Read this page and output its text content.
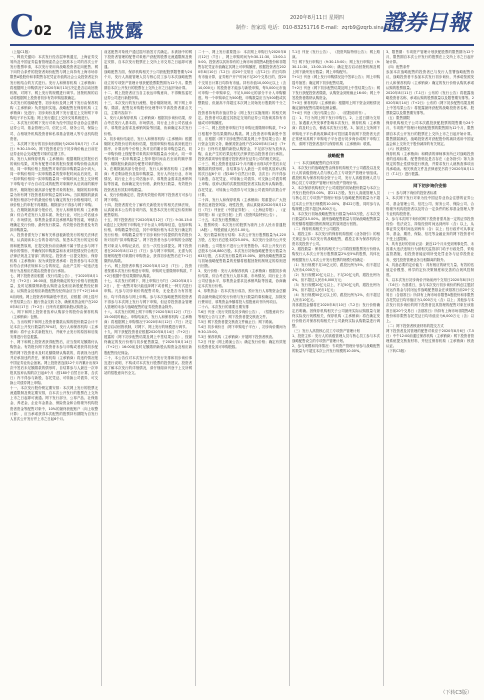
C 02 信息披露
2020年8月11日 星期四
制作：詹家瑶 电话：010-83251716 E-mail：zqrb9@zqrb.sina.net
證券日報
（上接C1版）
一、释放关键词：本次发行经各层审核通过，上海证券交易所及中国证券监督管理委员会已批准本公司的首次公开发行股票申请，本次发行采用向战略投资者定向配售、网下向符合条件的投资者询价配售与网上向持有上海市场非限售A股股份和非限售存托凭证市值的社会公众投资者定价发行相结合的方式进行。发行人和保荐机构（主承销商）将根据网上申购情况于2020年8月13日决定是否启动回拨机制，对网下、网上发行的规模进行调节。回拨机制的启动将根据网上投资者初步有效申购倍数确定。
本次发行的战略配售、初步询价及网上网下发行由保荐机构（主承销商）负责组织实施。战略配售在保荐机构（主承销商）处进行；初步询价及网下发行通过上交所网下申购电子平台实施；网上发行通过上交所交易系统进行。
二、本次发行的网下发行对象为经中国证券业协会注册的证券公司、基金管理公司、信托公司、财务公司、保险公司、合格境外机构投资者和私募基金管理人等专业机构投资者。
三、本次网下发行的初步询价期间为2020年8月7日（T-4日）9:30-15:00。网下投资者应当于初步询价截止日前在证券业协会完成配售对象的注册工作。
四、发行人和保荐机构（主承销商）根据剔除无效报价后的询价结果，对所有配售对象的报价按照申购价格由高到低、同一申购价格上按配售对象的拟申购数量由小到大、同一申购价格同一拟申购数量的按申报时间由后到先、同一拟申购价格同一拟申购数量同一申购时间上按上交所网下申购电子平台自动生成的配售对象顺序从后到前的顺序排序，剔除报价最高部分配售对象的报价，剔除的拟申购量为所有网下投资者拟申购总量的10%。当拟剔除的最高申报价格部分中的最低价格与确定的发行价格相同时，对该价格上的申报不再剔除。剔除部分不得参与网下申购。
五、在剔除最高部分报价后，发行人和保荐机构（主承销商）综合考虑发行人基本面、所处行业、可比公司估值水平、市场情况、募集资金需求及承销风险等因素，审慎合理确定发行价格、最终发行数量、有效报价投资者及有效拟申购数量。
六、投资者需充分了解有关科创板新股发行的相关法律法规，认真阅读本公告的各项内容，知悉本次发行的定价原则和配售原则，在提交报价前应确保不属于禁止参与网下询价的情形，并确保其申购数量和未来持股情况符合相关法律法规及主管部门的规定。投资者一旦提交报价，保荐机构（主承销商）视为该投资者承诺：投资者参与本次报价符合法律法规和本公告的规定，由此产生的一切违法违规行为及相应后果由投资者自行承担。
七、网下投资者应根据《发行结果公告》，于2020年8月17日（T+2日）16:00前，按最终确定的发行价格与获配数量，及时足额缴纳新股认购资金及相应新股配售经纪佣金，认购资金及相应新股配售经纪佣金应当于T+2日16:00前到账。网上投资者申购新股中签后，应根据《网上摇号中签结果公告》履行资金交收义务，确保其资金账户在2020年8月17日（T+2日）日终有足额的新股认购资金。
八、网下和网上投资者放弃认购部分的股份由保荐机构（主承销商）包销。
九、当出现网下和网上投资者缴款认购的股份数量合计不足本次公开发行数量的70%时，发行人和保荐机构（主承销商）将中止本次新股发行，并就中止发行的原因和后续安排进行信息披露。
十、网下和网上投资者获得配售后，应当按时足额缴付认购资金。有效报价网下投资者未参与申购或者获得初步配售的网下投资者未及时足额缴纳认购款的，将被视为违约并应承担违约责任，保荐机构（主承销商）将违约情况报中国证券业协会备案。网上投资者连续12个月内累计出现3次中签后未足额缴款的情形时，自结算参与人最近一次申报其放弃认购的次日起6个月（按180个自然日计算，含次日）内不得参与新股、存托凭证、可转换公司债券、可交换公司债券网上申购。
十一、本次发行股份锁定期安排：本次网上发行的股票无流通限制及锁定期安排，自本次公开发行的股票在上交所上市之日起即可流通。网下发行部分，公募产品、社保基金、养老金、企业年金基金、保险资金和合格境外机构投资者资金等配售对象中，10%的最终获配账户（向上取整计算），应当承诺获得本次配售的股票持有期限为自发行人首次公开发行并上市之日起6个月。
前述配售对象账户通过摇号抽签方式确定。未被抽中的网下投资者管理的配售对象账户获配的股票无流通限制及锁定安排，自本次发行股票在上交所上市交易之日起即可流通。
战略配售方面，保荐机构相关子公司获配股票限售期为24个月，发行人高级管理人员与核心员工参与本次战略配售设立的专项资产管理计划获配股票限售期为12个月。限售期自本次公开发行的股票在上交所上市之日起开始计算。
十二、网上投资者应当自主表达申购意向，不得概括委托证券公司进行新股申购。
十三、本次发行的发行流程、报价剔除规则、网下网上申购、缴款、配售及弃购股份处理等环节请投资者重点关注，主要内容如下：
1、发行人和保荐机构（主承销商）根据初步询价结果，综合考虑发行人基本面、市场情况、同行业上市公司估值水平、募集资金需求及承销风险等因素，协商确定本次发行价格。
2、初步询价结束后，发行人和保荐机构（主承销商）根据剔除无效报价后的询价结果，按照申购价格由高到低进行排序、计算出每个价格上所对应的累计拟申购总量后，同一申购价格上按配售对象的拟申购数量由小到大、同一申购价格同一拟申购数量上按申报时间由后至前的顺序排序，剔除报价最高部分配售对象的报价。
3、在剔除最高部分报价后，发行人和保荐机构（主承销商）考虑剩余报价及拟申购数量、发行人所处行业、市场情况、同行业上市公司估值水平、募集资金需求及承销风险等因素，协商确定发行价格、最终发行数量、有效报价投资者及有效拟申购数量。
4、发行价格确定后，提供有效报价的网下投资者方可参与网下申购。
十四、投资者需充分了解有关新股发行的相关法律法规，认真阅读本公告的各项内容，知悉本次发行的定价原则和配售原则。
十五、网下投资者应于2020年8月12日（T日）9:30-15:00通过上交所网下申购电子平台录入申购单信息，包括申购价格、申购数量等信息，其中申购价格为本次发行确定的发行价格；申购数量应等于初步询价中其提供的有效报价所对应的“拟申购数量”。网下投资者为参与申购的全部配售对象录入申购记录后，应当一次性全部提交。网下投资者在2020年8月12日（T日）参与网下申购时，无需为其管理的配售对象缴付申购资金，获得初步配售后在T+2日缴纳认购款。
十六、网上投资者申购日2020年8月12日（T日），投资者按照本次发行价格进行申购，申购时无需缴纳申购款，T+2日根据中签结果缴纳认购款。
十七、本次发行的网下、网上申购日为T日（2020年8月12日），任一配售对象只能选择网下或者网上一种方式进行申购。凡参与初步询价的配售对象，无论是否为有效报价，均不得再参与网上申购。参与本次战略配售的投资者不得参与本次网上发行与网下申购，但证券投资基金管理人管理的未参与战略配售的证券投资基金除外。
十八、本次发行的网上网下申购于2020年8月12日（T日）15:00同时截止。申购结束后，发行人和保荐机构（主承销商）将根据网上申购情况于2020年8月12日（T日）决定是否启动回拨机制，对网下、网上发行的规模进行调节。
十九、网下获配投资者应根据2020年8月14日（T+2日）披露的《网下初步配售结果及网上中签结果公告》，按最终确定的发行价格与初步配售数量，于2020年8月14日（T+2日）16:00前及时足额缴纳新股认购资金及相应新股配售经纪佣金。
二十、本公告仅对本次发行中有关发行安排和初步询价事宜进行说明，不构成对本次发行股票的投资建议。投资者欲了解本次发行的详细情况，请仔细阅读刊登于上交所网站的招股意向书全文。
二十一、网上发行重要提示：本次网上申购日为2020年8月12日（T日），网上申购时间为9:30-11:30，13:00-15:00。投资者以其所持有的上海市场非限售A股股份和非限售存托凭证市值确定其网上可申购额度，根据投资者在2020年8月10日（T-2日）前20个交易日（含T-2日）的日均持有市值计算，证券账户开户时间不足20个交易日的，按20个交易日计算日均持有市值。持有市值10,000元以上（含10,000元）的投资者才能参与新股申购，每5,000元市值可申购一个申购单位，不足5,000元的部分不计入申购额度。每一个申购单位为500股，申购数量应当为500股或其整数倍，但最高不得超过本次网上初始发行股数的千分之一。
投资者持有的市值应符合《网上发行实施细则》的相关规定。投资者可以通过其指定交易的证券公司查询其持有市值或可申购额度。
二十二、网上投资者申购日T日申购无需缴纳申购款，T+2日根据中签结果缴纳认购款。网上投资者申购新股中签后，应根据《网下初步配售结果及网上中签结果公告》履行资金交收义务，确保其资金账户在2020年8月14日（T+2日）日终有足额的新股认购资金，不足部分视为放弃认购，由此产生的后果及相关法律责任由投资者自行承担。投资者款项划付需遵守投资者所在证券公司的相关规定。
二十三、网上投资者连续12个月内累计出现3次中签后未足额缴款的情形时，自结算参与人最近一次申报其放弃认购的次日起6个月（按180个自然日计算，含次日）内不得参与新股、存托凭证、可转换公司债券、可交换公司债券网上申购。放弃认购的次数按照投资者实际放弃认购新股、存托凭证、可转换公司债券与可交换公司债券的次数合并计算。
二十四、发行人和保荐机构（主承销商）郑重提示广大投资者注意投资风险，理性投资，请认真阅读2020年8月12日（T日）刊登在《中国证券报》、《上海证券报》、《证券时报》和《证券日报》上的《投资风险特别公告》。
二十五、本次发行股票概况
1、股票种类：本次发行的股票为境内上市人民币普通股（A股），每股面值人民币1.00元。
2、发行数量和发行结构：本次公开发行股票数量为4,220万股，占发行后总股本的25.00%，本次发行全部为公开发行新股，公司股东不进行公开发售股份。本次公开发行后总股本为16,880万股。本次发行初始战略配售发行数量为633万股，占本次发行数量的15.00%，最终战略配售数量与初始战略配售数量的差额将根据回拨机制规定的原则进行回拨。
3、发行价格：发行人和保荐机构（主承销商）根据初步询价结果，综合考虑发行人基本面、市场情况、同行业上市公司估值水平、募集资金需求及承销风险等因素，协商确定本次发行价格。
4、募集资金：若本次发行成功，预计发行人募集资金总额将由最终确定的发行价格与发行数量的乘积确定，扣除发行费用后，募集资金净额将投入招股意向书所列项目。
二十六、本次发行的重要日期安排
T-6日 刊登《发行安排及初步询价公告》、《招股意向书》等相关公告与文件；网下投资者提交核查文件。
T-5日 网下投资者提交核查文件截止日；网下路演。
T-4日 初步询价日（网下申购电子平台），初步询价期间为9:30-15:00。
T-3日 保荐机构（主承销商）开展网下投资者核查。
T-2日 刊登《网上路演公告》；确定发行价格；确定有效报价投资者及其可申购股数。
T-1日 刊登《发行公告》、《投资风险特别公告》；网上路演。
T日 网下发行申购日（9:30-15:00）；网上发行申购日（9:30-11:30，13:00-15:00）；确定是否启动回拨机制及网上网下最终发行数量；网上申购配号。
T+1日 刊登《网上发行申购情况及中签率公告》；网上申购摇号抽签；确定网下初步配售结果。
T+2日 刊登《网下初步配售结果及网上中签结果公告》；网下发行获配投资者缴款，认购资金到账截止16:00；网上中签投资者缴纳认购资金。
T+3日 保荐机构（主承销商）根据网上网下资金到账情况确定最终配售结果和包销金额。
T+4日 刊登《发行结果公告》、《招股说明书》。
注：1、T日为网上网下发行申购日。2、上述日期为交易日，如遇重大突发事件影响本次发行，保荐机构（主承销商）将及时公告，修改本次发行日程。3、如因上交所网下申购电子平台系统故障或非可控因素导致网下投资者无法正常使用其网下申购电子平台进行初步询价或网下申购工作，请网下投资者及时与保荐机构（主承销商）联系。
战略配售
（一）本次战略配售的总体安排
1、本次发行的战略配售由保荐机构相关子公司跟投以及发行人的高级管理人员与核心员工专项资产管理计划组成。跟投机构为保荐机构全资子公司，发行人高级管理人员与核心员工专项资产管理计划为资产管理计划。
2、本次保荐机构相关子公司跟投的初始股份数量为本次公开发行股份的5.00%，即211万股。发行人高级管理人员与核心员工专项资产管理计划参与战略配售的数量为不超过本次公开发行规模的10.00%，即422万股，同时参与认购规模上限不超过9,800万元。
3、本次发行初始战略配售发行数量为633万股，占本次发行数量的15.00%。最终战略配售数量与初始战略配售数量的差额将根据回拨机制规定的原则进行回拨。
（二）保荐机构相关子公司跟投
1、跟投主体：本次发行的保荐机构按照《业务指引》的相关规定参与本次发行的战略配售，跟投主体为保荐机构全资另类投资子公司。
2、跟投数量：保荐机构相关子公司将按照股票发行价格认购发行人本次公开发行股票数量2%至5%的股票，具体比例根据发行人本次公开发行股票的规模分档确定：
（1）发行规模不足10亿元的，跟投比例为5%，但不超过人民币4,000万元；
（2）发行规模10亿元以上、不足20亿元的，跟投比例为4%，但不超过人民币6,000万元；
（3）发行规模20亿元以上、不足50亿元的，跟投比例为3%，但不超过人民币1亿元；
（4）发行规模50亿元以上的，跟投比例为2%，但不超过人民币10亿元。
具体跟投金额将在2020年8月10日（T-2日）发行价格确定后明确。因保荐机构相关子公司最终实际认购数量与最终实际发行规模相关，保荐机构（主承销商）将在确定发行价格后对保荐机构相关子公司最终实际认购数量进行调整。
（三）发行人高管核心员工专项资产管理计划
1、投资主体：发行人的高级管理人员与核心员工参与本次战略配售设立的专项资产管理计划。
2、参与规模和具体情况：专项资产管理计划参与战略配售的数量为不超过本次公开发行规模的10.00%。
3、限售期：专项资产管理计划获配股票的限售期为12个月，限售期自本次公开发行的股票在上交所上市之日起开始计算。
（四）配售条件
参加本次战略配售的投资者已与发行人签署战略配售协议，战略投资者不参加本次发行初步询价，并承诺按照发行人和保荐机构（主承销商）确定的发行价格认购其承诺认购的股票数量。
2020年8月11日（T-1日）公布的《发行公告》将披露战略投资者名称、承诺认购的股票数量以及限售期安排等。2020年8月14日（T+2日）公布的《网下初步配售结果及网上中签结果公告》将披露最终获配的战略投资者名称、股票数量以及限售期安排等。
（五）限售期限
保荐机构相关子公司本次跟投获配股票的限售期为24个月，专项资产管理计划获配股票的限售期为12个月，限售期自本次公开发行的股票在上交所上市之日起开始计算。限售期届满后，战略投资者对获配股份的减持适用中国证监会和上交所关于股份减持的有关规定。
（六）核查情况
保荐机构（主承销商）和聘请的律师事务所已对战略投资者的选取标准、配售资格及是否存在《业务指引》第九条规定的禁止性情形进行核查，并要求发行人就核查事项出具承诺函。相关核查文件及法律意见书将于2020年8月11日（T-1日）进行披露。
网下初步询价安排
（一）参与网下询价的投资者标准
1、本次网下发行对象为经中国证券业协会注册的证券公司、基金管理公司、信托公司、财务公司、保险公司、合格境外机构投资者以及符合一定条件的私募基金管理人等专业机构投资者。
2、参与本次网下询价的网下投资者需具备一定的证券投资经验：依法设立、持续经营时间达到两年（含）以上，从事证券交易时间达到两年（含）以上；经行政许可从事证券、基金、期货、保险、信托等金融业务的网下投资者可不受上述限制。
3、具有良好的信用记录：最近12个月未受到刑事处罚、未因重大违法违规行为被相关监管部门给予行政处罚、采取监管措施，但投资者能证明所受处罚业务与证券投资业务、受托投资管理业务互相隔离的除外。
4、具备必要的定价能力：具有相应的研究力量、有效的估值定价模型、科学的定价决策制度和完善的合规风控制度。
5、以本次发行初步询价开始前两个交易日2020年8月5日（T-6日）为基准日，参与本次发行初步询价的科创主题封闭运作基金与封闭运作战略配售基金在该基准日前20个交易日（含基准日）所持有上海市场非限售A股股份和非限售存托凭证日均市值应为1,000万元（含）以上；其他参与本次发行初步询价的网下投资者及其管理的配售对象在该基准日前20个交易日（含基准日）所持有上海市场非限售A股股份和非限售存托凭证日均市值应为6,000万元（含）以上。
（二）网下投资者核查材料的提交方式
网下投资者及其管理的配售对象应于2020年8月6日（T-5日）中午12:00前通过保荐机构（主承销商）网下投资者管理系统提交核查材料，并经过保荐机构（主承销商）核查认证。
（下转C3版）
（下转C3版）
